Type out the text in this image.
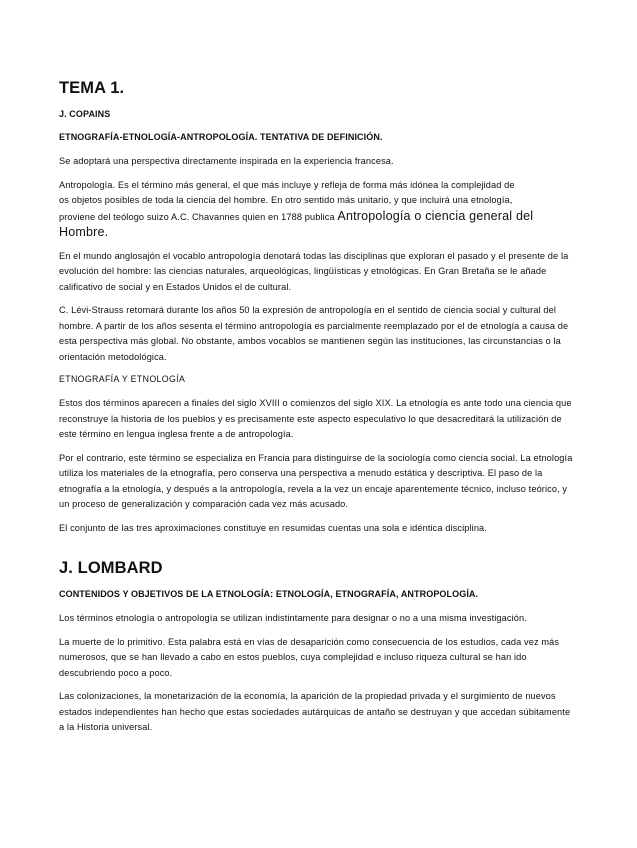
TEMA 1.
J. COPAINS
ETNOGRAFÍA-ETNOLOGÍA-ANTROPOLOGÍA. TENTATIVA DE DEFINICIÓN.
Se adoptará una perspectiva directamente inspirada en la experiencia francesa.
Antropología. Es el término más general, el que más incluye y refleja de forma más idónea la complejidad de
os objetos posibles de toda la ciencia del hombre. En otro sentido más unitario, y que incluirá una etnología,
proviene del teólogo suizo A.C. Chavannes quien en 1788 publica Antropología o ciencia general del
Hombre.
En el mundo anglosajón el vocablo antropología denotará todas las disciplinas que exploran el pasado y el presente de la evolución del hombre: las ciencias naturales, arqueológicas, lingüísticas y etnológicas. En Gran Bretaña se le añade calificativo de social y en Estados Unidos el de cultural.
C. Lévi-Strauss retomará durante los años 50 la expresión de antropología en el sentido de ciencia social y cultural del hombre. A partir de los años sesenta el término antropología es parcialmente reemplazado por el de etnología a causa de esta perspectiva más global. No obstante, ambos vocablos se mantienen según las instituciones, las circunstancias o la orientación metodológica.
ETNOGRAFÍA Y ETNOLOGÍA
Estos dos términos aparecen a finales del siglo XVIII o comienzos del siglo XIX. La etnología es ante todo una ciencia que reconstruye la historia de los pueblos y es precisamente este aspecto especulativo lo que desacreditará la utilización de este término en lengua inglesa frente a de antropología.
Por el contrario, este término se especializa en Francia para distinguirse de la sociología como ciencia social. La etnología utiliza los materiales de la etnografía, pero conserva una perspectiva a menudo estática y descriptiva. El paso de la etnografía a la etnología, y después a la antropología, revela a la vez un encaje aparentemente técnico, incluso teórico, y un proceso de generalización y comparación cada vez más acusado.
El conjunto de las tres aproximaciones constituye en resumidas cuentas una sola e idéntica disciplina.
J. LOMBARD
CONTENIDOS Y OBJETIVOS DE LA ETNOLOGÍA: ETNOLOGÍA, ETNOGRAFÍA, ANTROPOLOGÍA.
Los términos etnología o antropología se utilizan indistintamente para designar o no a una misma investigación.
La muerte de lo primitivo. Esta palabra está en vías de desaparición como consecuencia de los estudios, cada vez más numerosos, que se han llevado a cabo en estos pueblos, cuya complejidad e incluso riqueza cultural se han ido descubriendo poco a poco.
Las colonizaciones, la monetarización de la economía, la aparición de la propiedad privada y el surgimiento de nuevos estados independientes han hecho que estas sociedades autárquicas de antaño se destruyan y que accedan súbitamente a la Historia universal.
